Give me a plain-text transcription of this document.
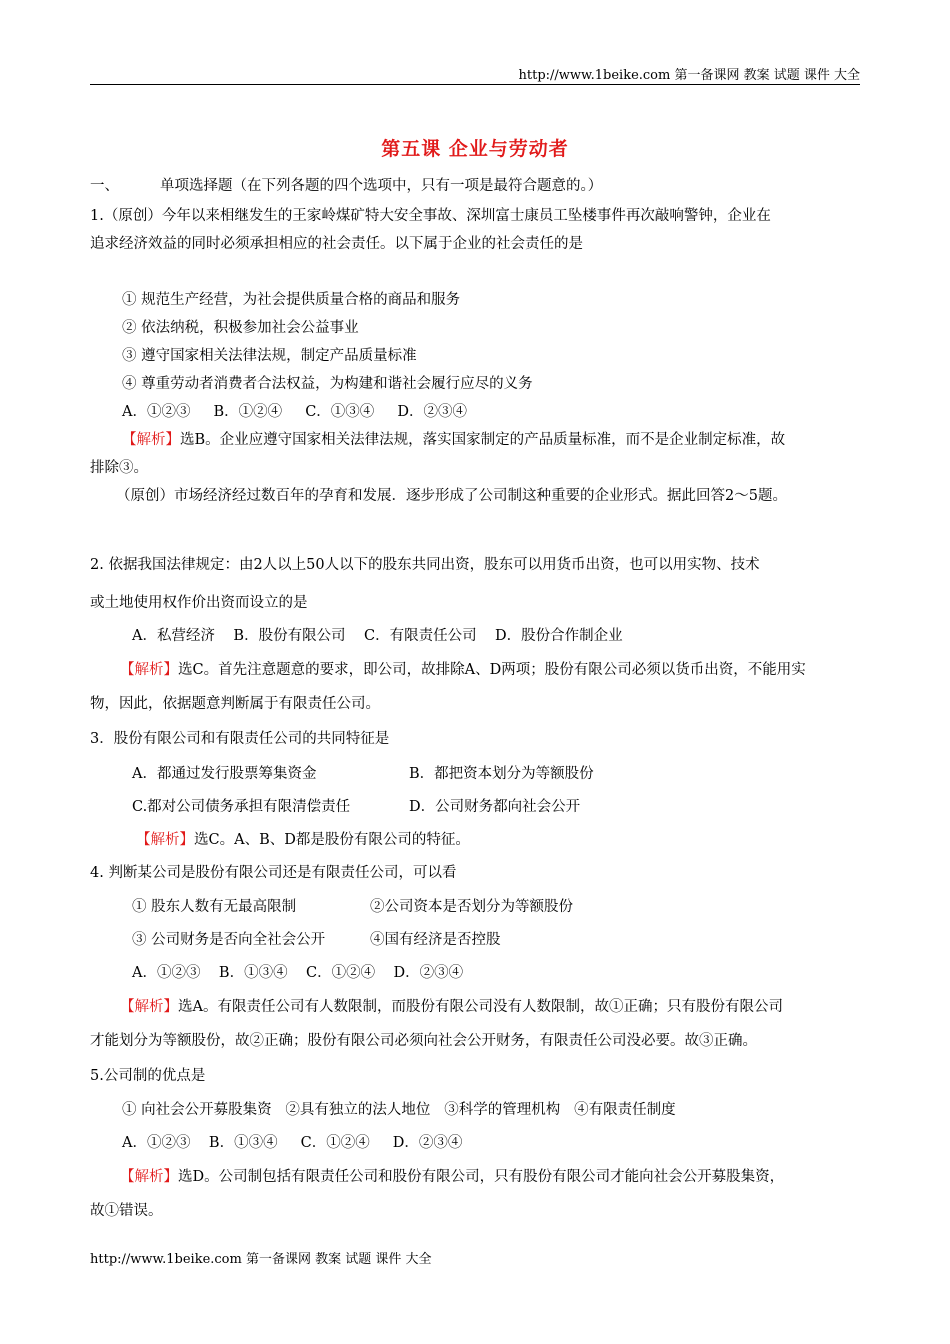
http://www.1beike.com 第一备课网 教案 试题 课件 大全
第五课 企业与劳动者
一、	单项选择题（在下列各题的四个选项中，只有一项是最符合题意的。）
1.（原创）今年以来相继发生的王家岭煤矿特大安全事故、深圳富士康员工坠楼事件再次敲响警钟，企业在
追求经济效益的同时必须承担相应的社会责任。以下属于企业的社会责任的是
① 规范生产经营，为社会提供质量合格的商品和服务
② 依法纳税，积极参加社会公益事业
③ 遵守国家相关法律法规，制定产品质量标准
④ 尊重劳动者消费者合法权益，为构建和谐社会履行应尽的义务
A．①②③     B．①②④     C．①③④     D．②③④
【解析】选B。企业应遵守国家相关法律法规，落实国家制定的产品质量标准，而不是企业制定标准，故
排除③。
（原创）市场经济经过数百年的孕育和发展．逐步形成了公司制这种重要的企业形式。据此回答2～5题。
2. 依据我国法律规定：由2人以上50人以下的股东共同出资，股东可以用货币出资，也可以用实物、技术
或土地使用权作价出资而设立的是
A．私营经济    B．股份有限公司    C．有限责任公司    D．股份合作制企业
【解析】选C。首先注意题意的要求，即公司，故排除A、D两项；股份有限公司必须以货币出资，不能用实
物，因此，依据题意判断属于有限责任公司。
3．股份有限公司和有限责任公司的共同特征是
A．都通过发行股票筹集资金	B．都把资本划分为等额股份
C.都对公司债务承担有限清偿责任	D．公司财务都向社会公开
【解析】选C。A、B、D都是股份有限公司的特征。
4. 判断某公司是股份有限公司还是有限责任公司，可以看
① 股东人数有无最高限制	②公司资本是否划分为等额股份
③ 公司财务是否向全社会公开	④国有经济是否控股
A．①②③    B．①③④    C．①②④    D．②③④
【解析】选A。有限责任公司有人数限制，而股份有限公司没有人数限制，故①正确；只有股份有限公司
才能划分为等额股份，故②正确；股份有限公司必须向社会公开财务，有限责任公司没必要。故③正确。
5.公司制的优点是
① 向社会公开募股集资   ②具有独立的法人地位   ③科学的管理机构   ④有限责任制度
A．①②③    B．①③④     C．①②④     D．②③④
【解析】选D。公司制包括有限责任公司和股份有限公司，只有股份有限公司才能向社会公开募股集资，
故①错误。
http://www.1beike.com 第一备课网 教案 试题 课件 大全
